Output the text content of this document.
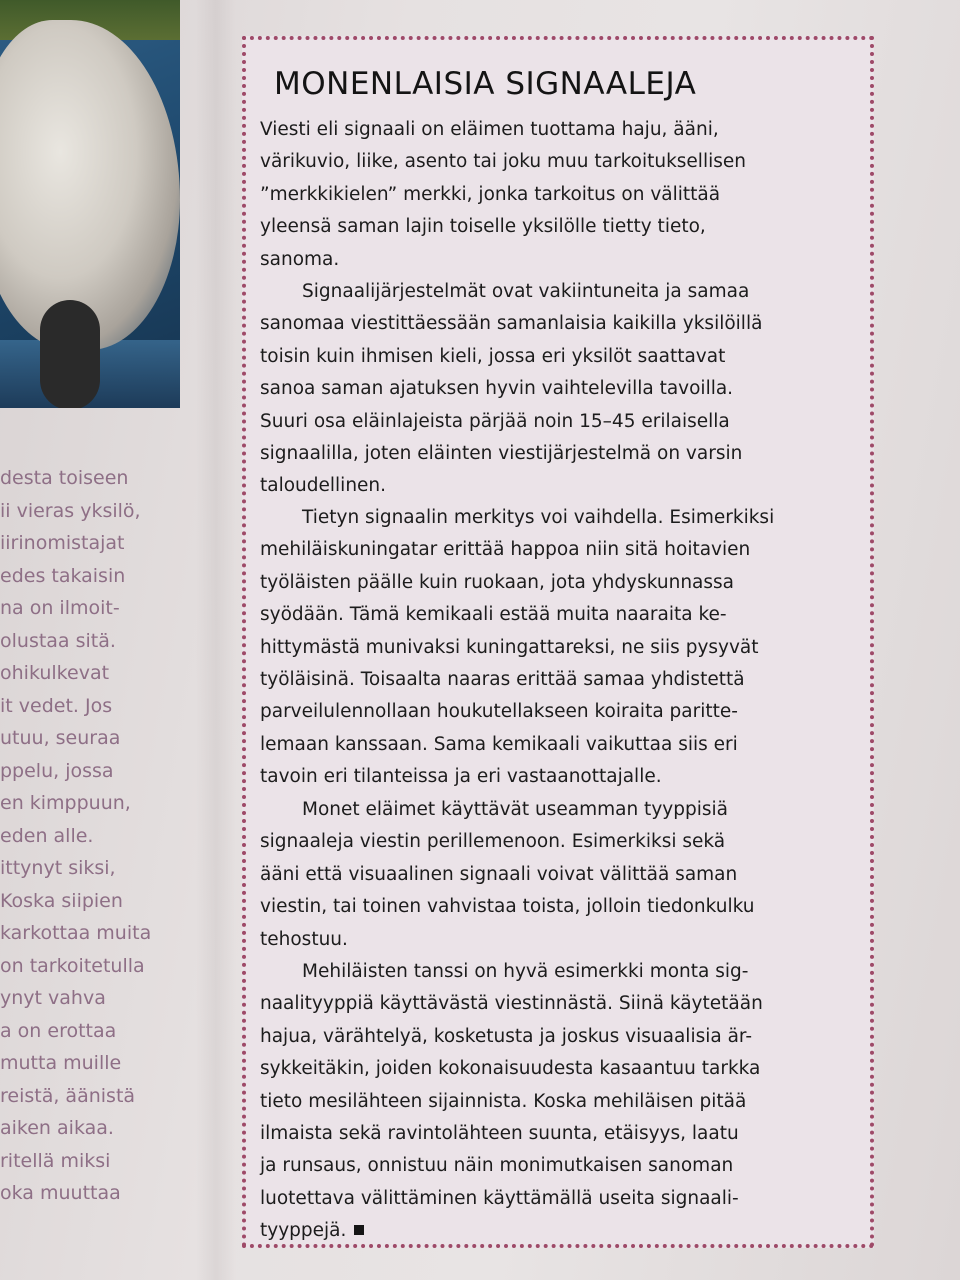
desta toiseen
ii vieras yksilö,
iirinomistajat
edes takaisin
na on ilmoit-
olustaa sitä.
ohikulkevat
it vedet. Jos
utuu, seuraa
ppelu, jossa
en kimppuun,
eden alle.
ittynyt siksi,
Koska siipien
karkottaa muita
on tarkoitetulla
ynyt vahva
a on erottaa
mutta muille
reistä, äänistä
aiken aikaa.
ritellä miksi
oka muuttaa
MONENLAISIA SIGNAALEJA
Viesti eli signaali on eläimen tuottama haju, ääni,
värikuvio, liike, asento tai joku muu tarkoituksellisen
”merkkikielen” merkki, jonka tarkoitus on välittää
yleensä saman lajin toiselle yksilölle tietty tieto,
sanoma.
Signaalijärjestelmät ovat vakiintuneita ja samaa
sanomaa viestittäessään samanlaisia kaikilla yksilöillä
toisin kuin ihmisen kieli, jossa eri yksilöt saattavat
sanoa saman ajatuksen hyvin vaihtelevilla tavoilla.
Suuri osa eläinlajeista pärjää noin 15–45 erilaisella
signaalilla, joten eläinten viestijärjestelmä on varsin
taloudellinen.
Tietyn signaalin merkitys voi vaihdella. Esimerkiksi
mehiläiskuningatar erittää happoa niin sitä hoitavien
työläisten päälle kuin ruokaan, jota yhdyskunnassa
syödään. Tämä kemikaali estää muita naaraita ke-
hittymästä munivaksi kuningattareksi, ne siis pysyvät
työläisinä. Toisaalta naaras erittää samaa yhdistettä
parveilulennollaan houkutellakseen koiraita paritte-
lemaan kanssaan. Sama kemikaali vaikuttaa siis eri
tavoin eri tilanteissa ja eri vastaanottajalle.
Monet eläimet käyttävät useamman tyyppisiä
signaaleja viestin perillemenoon. Esimerkiksi sekä
ääni että visuaalinen signaali voivat välittää saman
viestin, tai toinen vahvistaa toista, jolloin tiedonkulku
tehostuu.
Mehiläisten tanssi on hyvä esimerkki monta sig-
naalityyppiä käyttävästä viestinnästä. Siinä käytetään
hajua, värähtelyä, kosketusta ja joskus visuaalisia är-
sykkeitäkin, joiden kokonaisuudesta kasaantuu tarkka
tieto mesilähteen sijainnista. Koska mehiläisen pitää
ilmaista sekä ravintolähteen suunta, etäisyys, laatu
ja runsaus, onnistuu näin monimutkaisen sanoman
luotettava välittäminen käyttämällä useita signaali-
tyyppejä.
